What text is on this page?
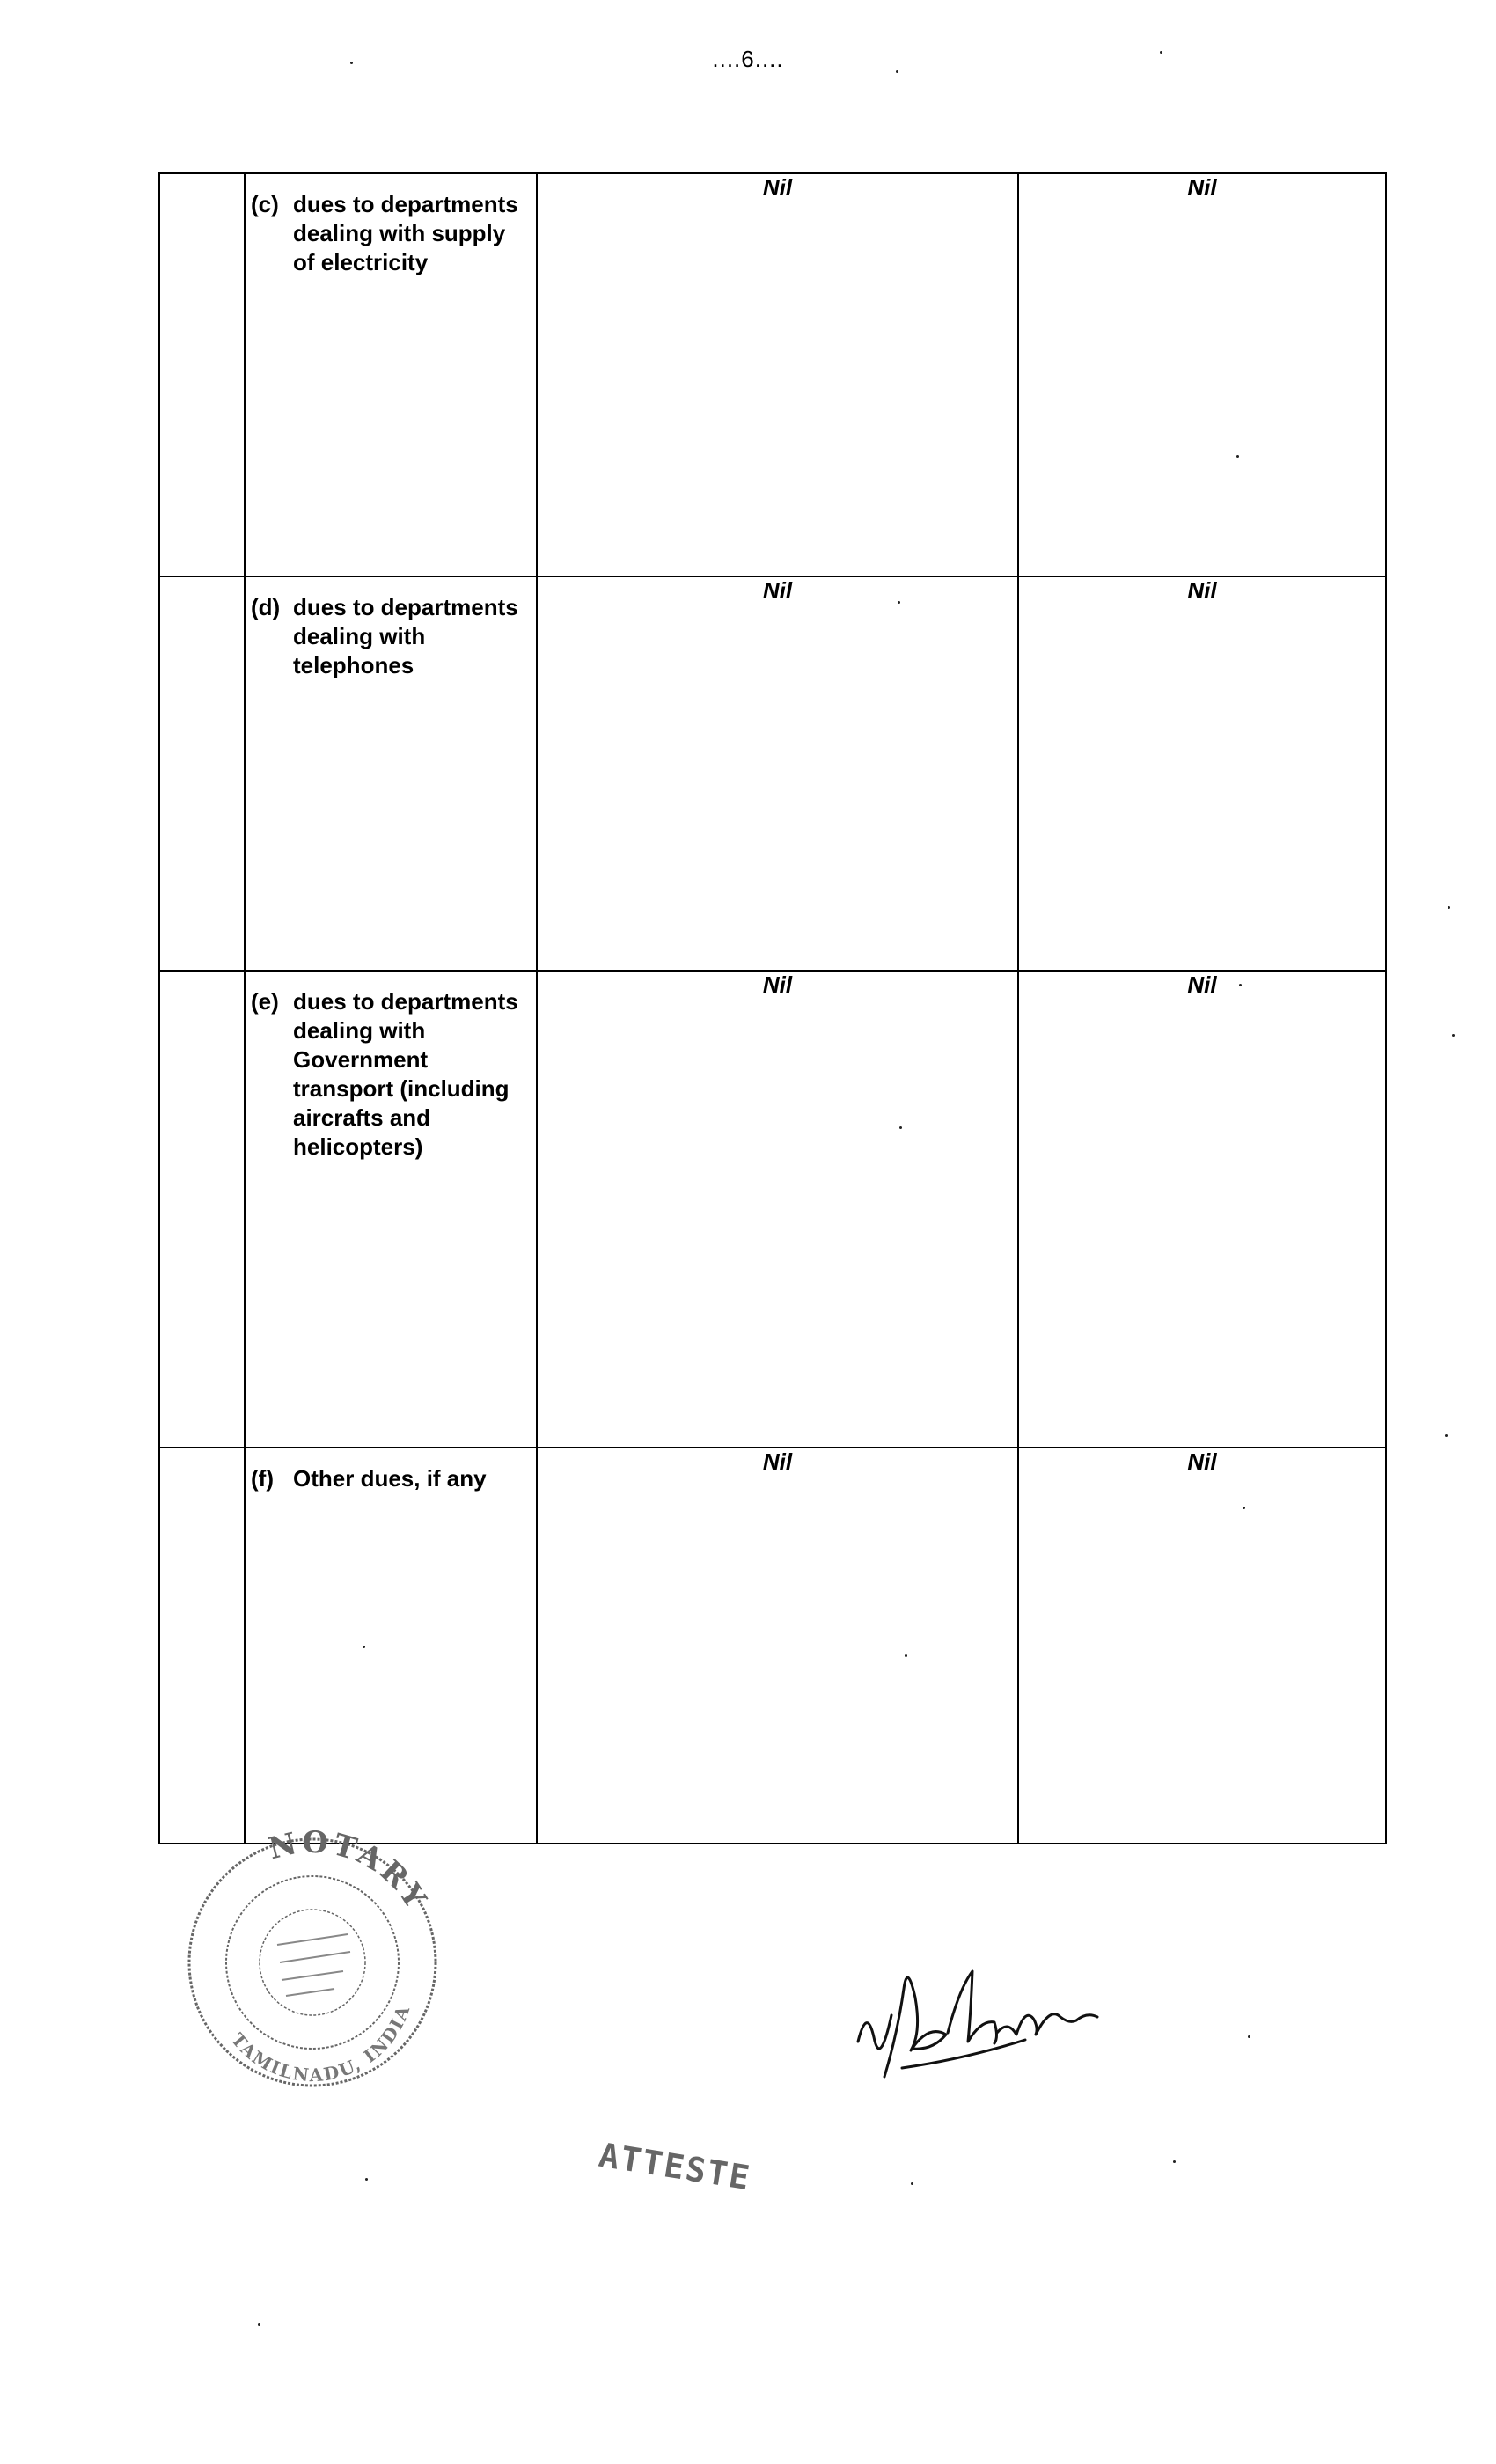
....6....

	(c) dues to departments dealing with supply of electricity	Nil	Nil

	(d) dues to departments dealing with telephones	Nil	Nil

	(e) dues to departments dealing with Government transport (including aircrafts and helicopters)	Nil	Nil

	(f) Other dues, if any	Nil	Nil
NOTARY
TAMILNADU, INDIA
ATTESTE
